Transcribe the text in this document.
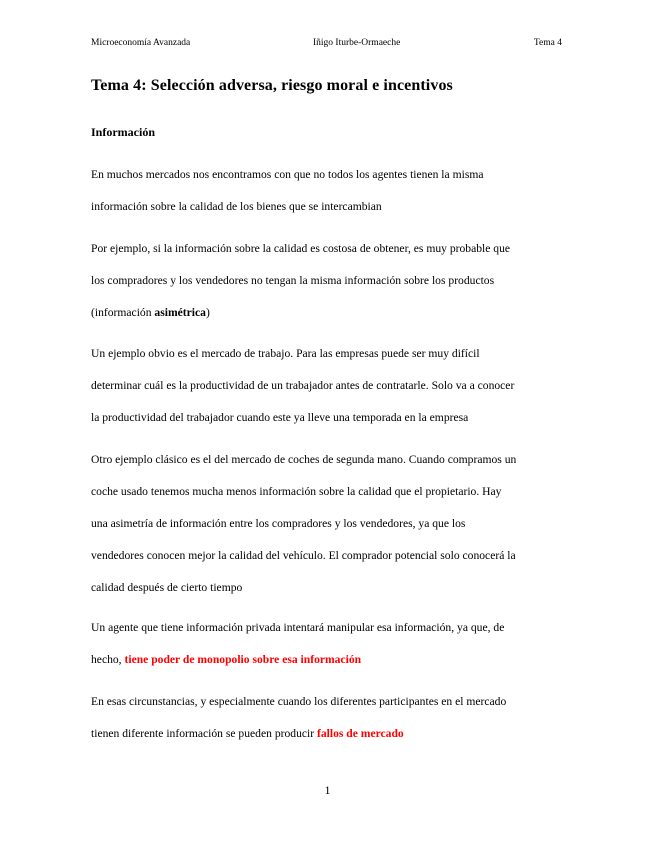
Microeconomía Avanzada	Iñigo Iturbe-Ormaeche	Tema 4
Tema 4: Selección adversa, riesgo moral e incentivos
Información
En muchos mercados nos encontramos con que no todos los agentes tienen la misma
información sobre la calidad de los bienes que se intercambian
Por ejemplo, si la información sobre la calidad es costosa de obtener, es muy probable que
los compradores y los vendedores no tengan la misma información sobre los productos
(información asimétrica)
Un ejemplo obvio es el mercado de trabajo. Para las empresas puede ser muy difícil
determinar cuál es la productividad de un trabajador antes de contratarle. Solo va a conocer
la productividad del trabajador cuando este ya lleve una temporada en la empresa
Otro ejemplo clásico es el del mercado de coches de segunda mano. Cuando compramos un
coche usado tenemos mucha menos información sobre la calidad que el propietario. Hay
una asimetría de información entre los compradores y los vendedores, ya que los
vendedores conocen mejor la calidad del vehículo. El comprador potencial solo conocerá la
calidad después de cierto tiempo
Un agente que tiene información privada intentará manipular esa información, ya que, de
hecho, tiene poder de monopolio sobre esa información
En esas circunstancias, y especialmente cuando los diferentes participantes en el mercado
tienen diferente información se pueden producir fallos de mercado
1
